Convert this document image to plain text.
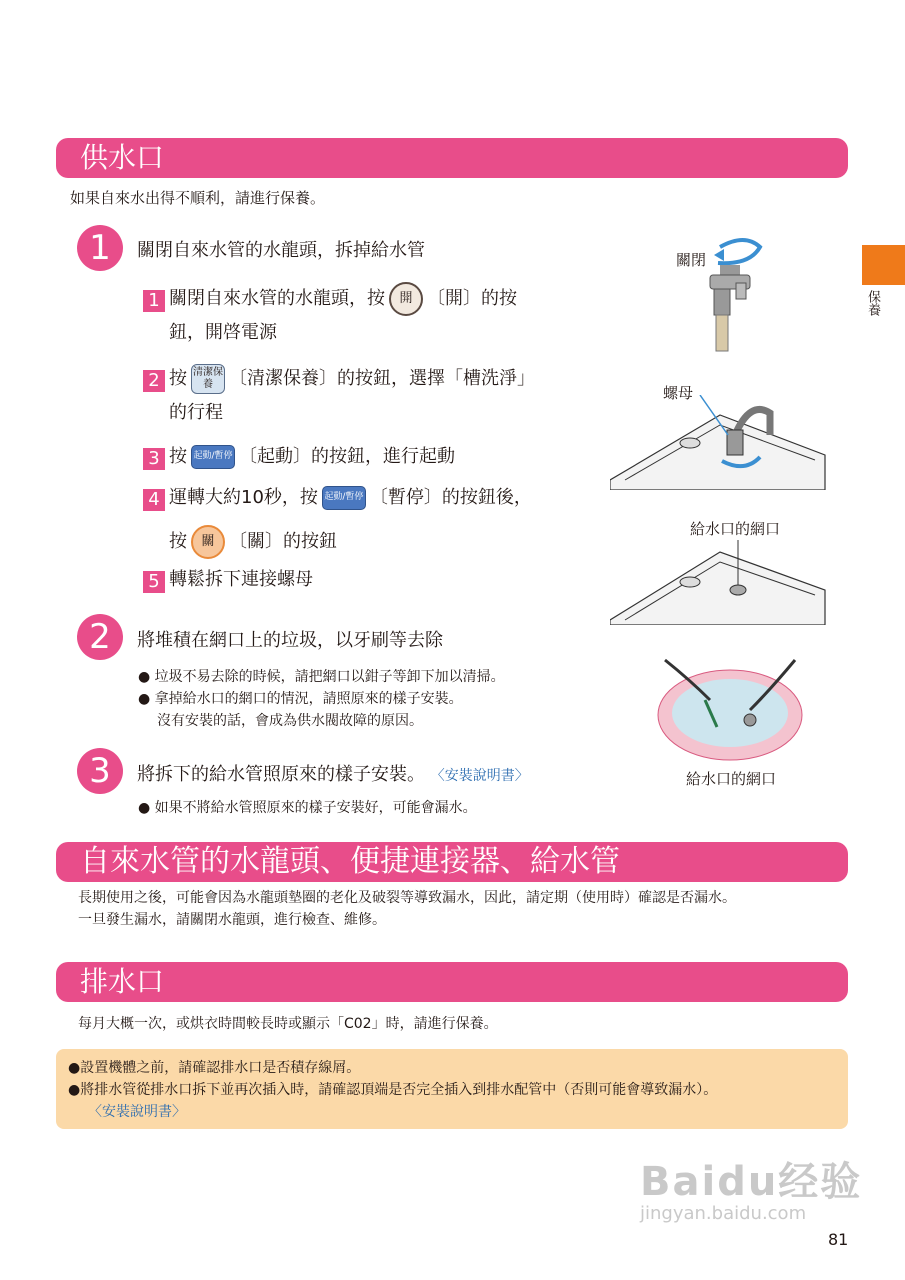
保養
供水口
如果自來水出得不順利，請進行保養。
1	關閉自來水管的水龍頭，拆掉給水管
1 關閉自來水管的水龍頭，按 開 〔開〕的按
鈕，開啓電源
2 按 清潔保養 〔清潔保養〕的按鈕，選擇「槽洗淨」
的行程
3 按 起動/暫停 〔起動〕的按鈕，進行起動
4 運轉大約10秒，按 起動/暫停 〔暫停〕的按鈕後，
按 關 〔關〕的按鈕
5 轉鬆拆下連接螺母
2	將堆積在網口上的垃圾，以牙刷等去除
● 垃圾不易去除的時候，請把網口以鉗子等卸下加以清掃。
● 拿掉給水口的網口的情況，請照原來的樣子安裝。
沒有安裝的話，會成為供水閥故障的原因。
3	將拆下的給水管照原來的樣子安裝。 〈安裝說明書〉
● 如果不將給水管照原來的樣子安裝好，可能會漏水。
關閉
螺母
給水口的網口
給水口的網口
自來水管的水龍頭、便捷連接器、給水管
長期使用之後，可能會因為水龍頭墊圈的老化及破裂等導致漏水，因此，請定期（使用時）確認是否漏水。
一旦發生漏水，請關閉水龍頭，進行檢查、維修。
排水口
每月大概一次，或烘衣時間較長時或顯示「C02」時，請進行保養。
●設置機體之前，請確認排水口是否積存線屑。
●將排水管從排水口拆下並再次插入時，請確認頂端是否完全插入到排水配管中（否則可能會導致漏水）。
〈安裝說明書〉
Baidu经验
jingyan.baidu.com
81
